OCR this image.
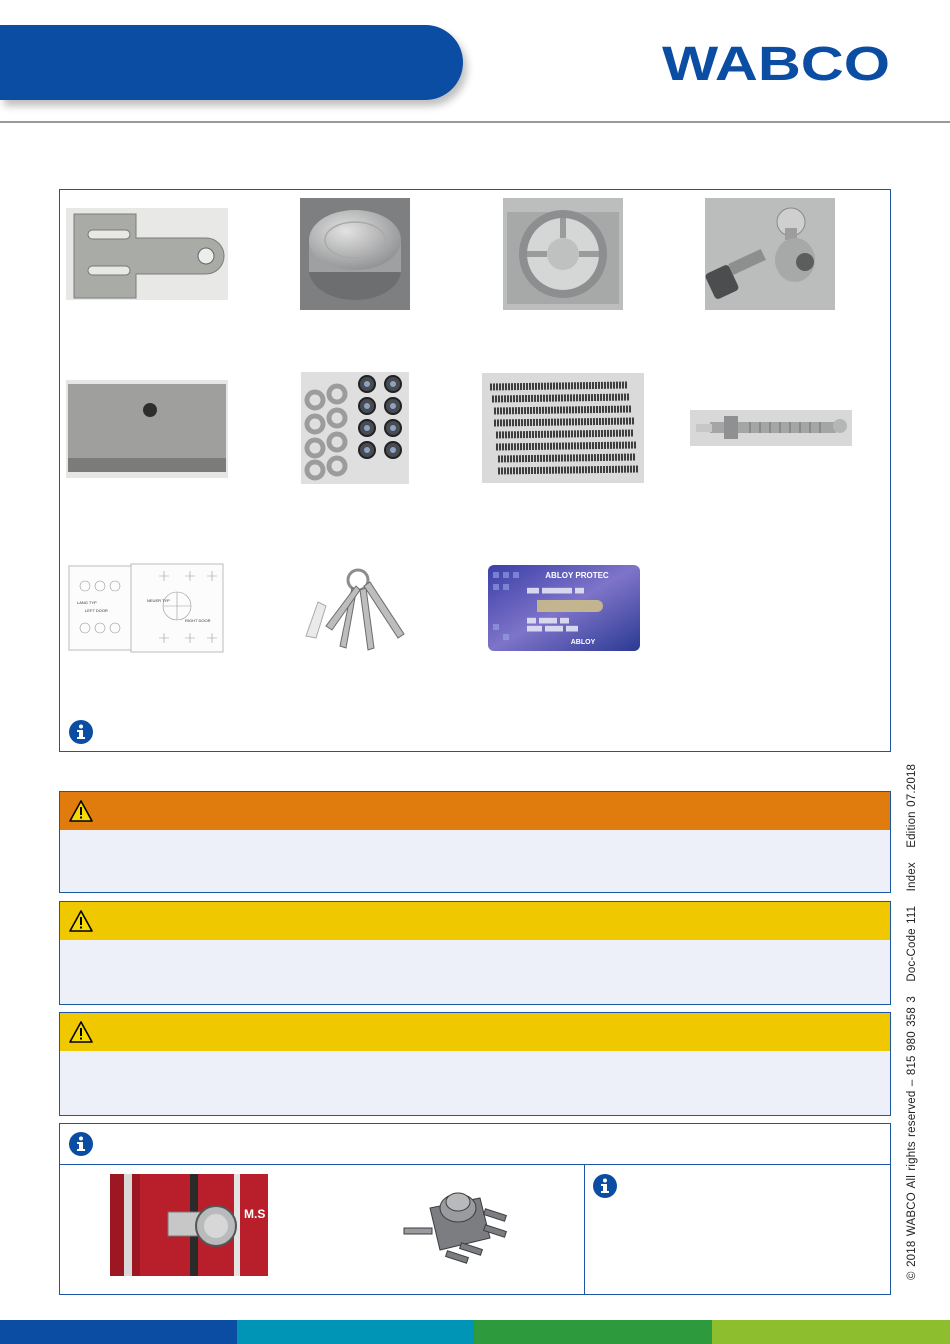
WABCO
LANG TYP
LEFT DOOR
NEUER TYP
RIGHT DOOR
ABLOY PROTEC
████ ██████████ ███
███ ██████ ███
█████ ██████ ████
ABLOY
M.S TA KEI	© 2018 WABCO All rights reserved – 815 980 358 3 Doc-Code 111 Index Edition 07.2018
